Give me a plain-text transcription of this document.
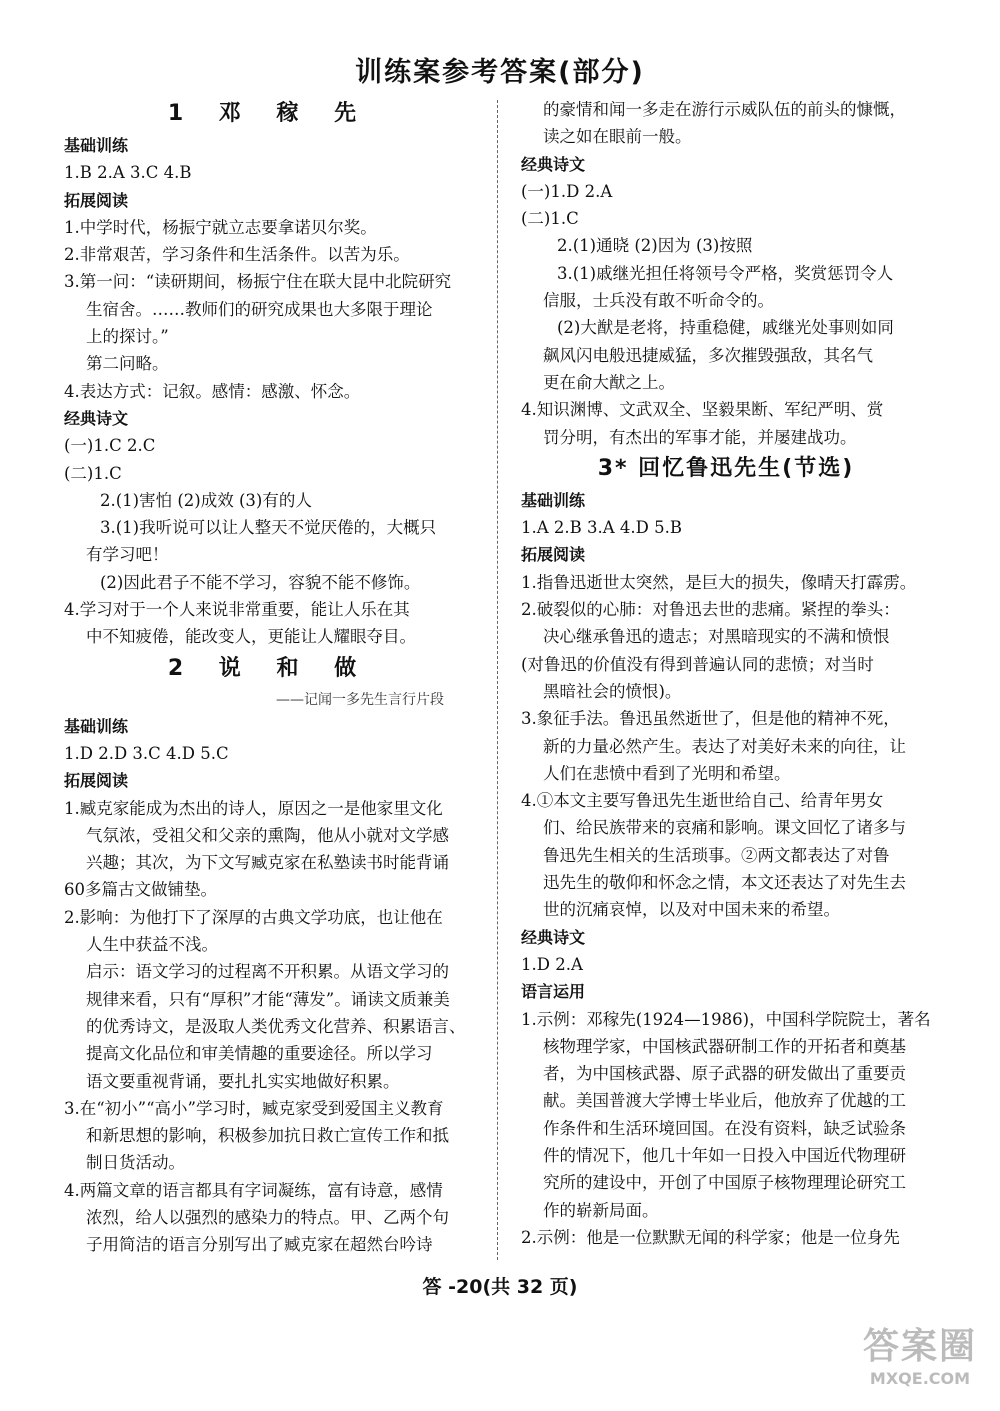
训练案参考答案(部分)
1 邓 稼 先
基础训练
1.B 2.A 3.C 4.B
拓展阅读
1.中学时代，杨振宁就立志要拿诺贝尔奖。
2.非常艰苦，学习条件和生活条件。以苦为乐。
3.第一问：“读研期间，杨振宁住在联大昆中北院研究
生宿舍。……教师们的研究成果也大多限于理论
上的探讨。”
第二问略。
4.表达方式：记叙。感情：感激、怀念。
经典诗文
(一)1.C 2.C
(二)1.C
2.(1)害怕 (2)成效 (3)有的人
3.(1)我听说可以让人整天不觉厌倦的，大概只
有学习吧！
(2)因此君子不能不学习，容貌不能不修饰。
4.学习对于一个人来说非常重要，能让人乐在其
中不知疲倦，能改变人，更能让人耀眼夺目。
2 说 和 做
——记闻一多先生言行片段
基础训练
1.D 2.D 3.C 4.D 5.C
拓展阅读
1.臧克家能成为杰出的诗人，原因之一是他家里文化
气氛浓，受祖父和父亲的熏陶，他从小就对文学感
兴趣；其次，为下文写臧克家在私塾读书时能背诵
60多篇古文做铺垫。
2.影响：为他打下了深厚的古典文学功底，也让他在
人生中获益不浅。
启示：语文学习的过程离不开积累。从语文学习的
规律来看，只有“厚积”才能“薄发”。诵读文质兼美
的优秀诗文，是汲取人类优秀文化营养、积累语言、
提高文化品位和审美情趣的重要途径。所以学习
语文要重视背诵，要扎扎实实地做好积累。
3.在“初小”“高小”学习时，臧克家受到爱国主义教育
和新思想的影响，积极参加抗日救亡宣传工作和抵
制日货活动。
4.两篇文章的语言都具有字词凝练，富有诗意，感情
浓烈，给人以强烈的感染力的特点。甲、乙两个句
子用简洁的语言分别写出了臧克家在超然台吟诗
的豪情和闻一多走在游行示威队伍的前头的慷慨，
读之如在眼前一般。
经典诗文
(一)1.D 2.A
(二)1.C
2.(1)通晓 (2)因为 (3)按照
3.(1)戚继光担任将领号令严格，奖赏惩罚令人
信服，士兵没有敢不听命令的。
(2)大猷是老将，持重稳健，戚继光处事则如同
飙风闪电般迅捷威猛，多次摧毁强敌，其名气
更在俞大猷之上。
4.知识渊博、文武双全、坚毅果断、军纪严明、赏
罚分明，有杰出的军事才能，并屡建战功。
3* 回忆鲁迅先生(节选)
基础训练
1.A 2.B 3.A 4.D 5.B
拓展阅读
1.指鲁迅逝世太突然，是巨大的损失，像晴天打霹雳。
2.破裂似的心肺：对鲁迅去世的悲痛。紧捏的拳头：
决心继承鲁迅的遗志；对黑暗现实的不满和愤恨
(对鲁迅的价值没有得到普遍认同的悲愤；对当时
黑暗社会的愤恨)。
3.象征手法。鲁迅虽然逝世了，但是他的精神不死，
新的力量必然产生。表达了对美好未来的向往，让
人们在悲愤中看到了光明和希望。
4.①本文主要写鲁迅先生逝世给自己、给青年男女
们、给民族带来的哀痛和影响。课文回忆了诸多与
鲁迅先生相关的生活琐事。②两文都表达了对鲁
迅先生的敬仰和怀念之情，本文还表达了对先生去
世的沉痛哀悼，以及对中国未来的希望。
经典诗文
1.D 2.A
语言运用
1.示例：邓稼先(1924—1986)，中国科学院院士，著名
核物理学家，中国核武器研制工作的开拓者和奠基
者，为中国核武器、原子武器的研发做出了重要贡
献。美国普渡大学博士毕业后，他放弃了优越的工
作条件和生活环境回国。在没有资料，缺乏试验条
件的情况下，他几十年如一日投入中国近代物理研
究所的建设中，开创了中国原子核物理理论研究工
作的崭新局面。
2.示例：他是一位默默无闻的科学家；他是一位身先
答 -20(共 32 页)
答案圈
MXQE.COM
